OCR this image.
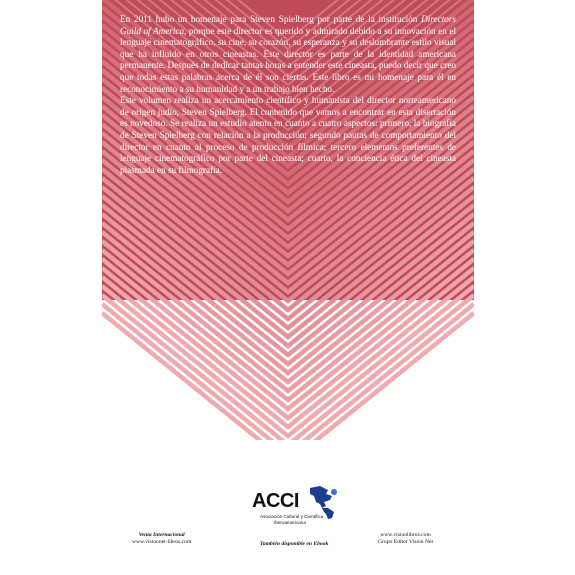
En 2011 hubo un homenaje para Steven Spielberg por parte de la institución Directors Guild of America, porque este director es querido y admirado debido a su innovación en el lenguaje cinematográfico, su cine, su corazón, su esperanza y su deslumbrante estilo visual que ha influido en otros cineastas. Este director es parte de la identidad americana permanente. Después de dedicar tantas horas a entender este cineasta, puedo decir que creo que todas estas palabras acerca de él son ciertas. Este libro es mi homenaje para él en reconocimiento a su humanidad y a un trabajo bien hecho.

Este volumen realiza un acercamiento científico y humanista del director norteamericano de origen judío, Steven Spielberg. El contenido que vamos a encontrar en esta disertación es novedoso. Se realiza un estudio atento en cuanto a cuatro aspectos: primero, la biografía de Steven Spielberg con relación a la producción; segundo pautas de comportamiento del director en cuanto al proceso de producción fílmica; tercero elementos preferentes de lenguaje cinematográfico por parte del cineasta; cuarto, la conciencia ética del cineasta plasmada en su filmografía.

ACCI
Asociación Cultural y Científica
Iberoamericana
Venta Internacional
www.visionnet-libros.com	También disponible en Ebook
www.visionlibros.com
Grupo Editor Vision Net
